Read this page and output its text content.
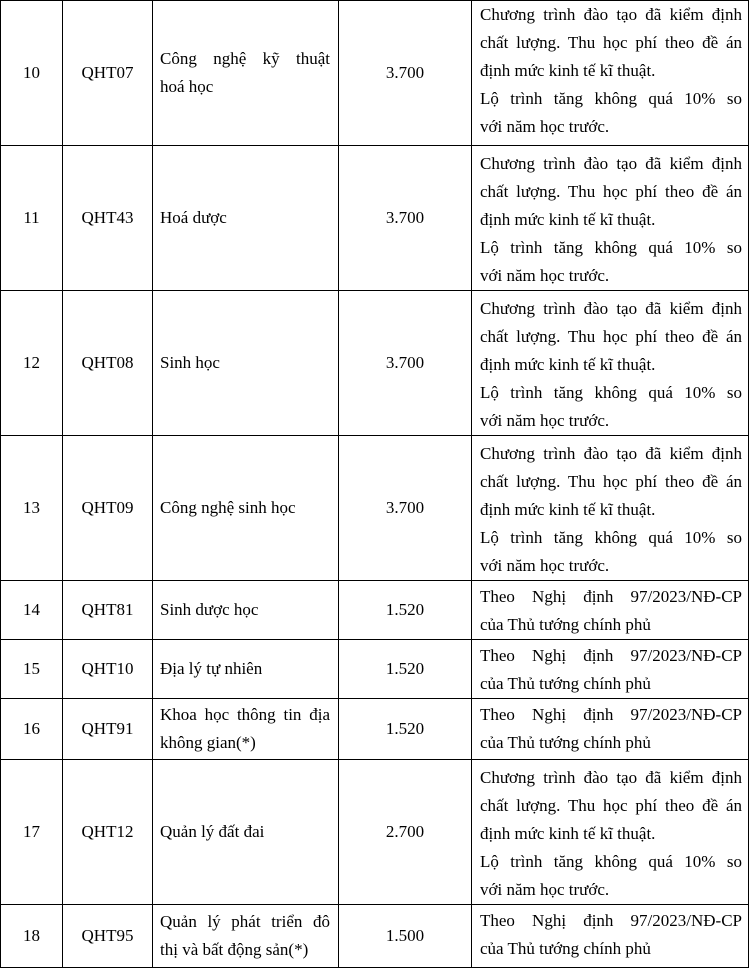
10	QHT07	Công nghệ kỹ thuật
hoá học	3.700	Chương trình đào tạo đã kiểm định
chất lượng. Thu học phí theo đề án
định mức kinh tế kĩ thuật.
Lộ trình tăng không quá 10% so
với năm học trước.

11	QHT43	Hoá dược	3.700	Chương trình đào tạo đã kiểm định
chất lượng. Thu học phí theo đề án
định mức kinh tế kĩ thuật.
Lộ trình tăng không quá 10% so
với năm học trước.

12	QHT08	Sinh học	3.700	Chương trình đào tạo đã kiểm định
chất lượng. Thu học phí theo đề án
định mức kinh tế kĩ thuật.
Lộ trình tăng không quá 10% so
với năm học trước.

13	QHT09	Công nghệ sinh học	3.700	Chương trình đào tạo đã kiểm định
chất lượng. Thu học phí theo đề án
định mức kinh tế kĩ thuật.
Lộ trình tăng không quá 10% so
với năm học trước.

14	QHT81	Sinh dược học	1.520	Theo Nghị định 97/2023/NĐ-CP
của Thủ tướng chính phủ

15	QHT10	Địa lý tự nhiên	1.520	Theo Nghị định 97/2023/NĐ-CP
của Thủ tướng chính phủ

16	QHT91	Khoa học thông tin địa
không gian(*)	1.520	Theo Nghị định 97/2023/NĐ-CP
của Thủ tướng chính phủ

17	QHT12	Quản lý đất đai	2.700	Chương trình đào tạo đã kiểm định
chất lượng. Thu học phí theo đề án
định mức kinh tế kĩ thuật.
Lộ trình tăng không quá 10% so
với năm học trước.

18	QHT95	Quản lý phát triển đô
thị và bất động sản(*)	1.500	Theo Nghị định 97/2023/NĐ-CP
của Thủ tướng chính phủ
